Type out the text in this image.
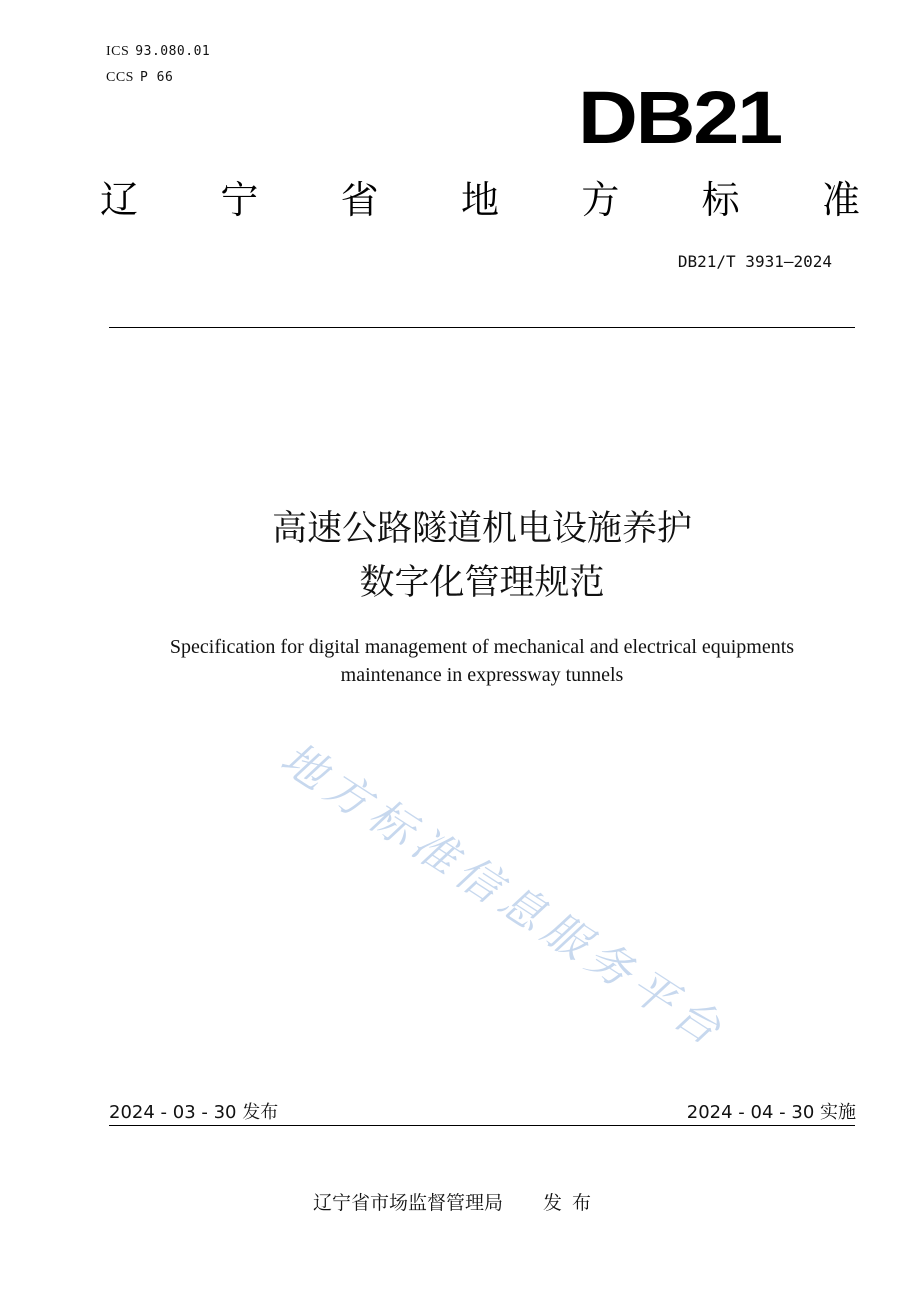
ICS 93.080.01
CCS P 66	DB21
辽 宁 省 地 方 标 准
DB21/T 3931—2024
高速公路隧道机电设施养护
数字化管理规范
Specification for digital management of mechanical and electrical equipments
maintenance in expressway tunnels
地方标准信息服务平台
2024 - 03 - 30 发布	2024 - 04 - 30 实施
辽宁省市场监督管理局 发布
